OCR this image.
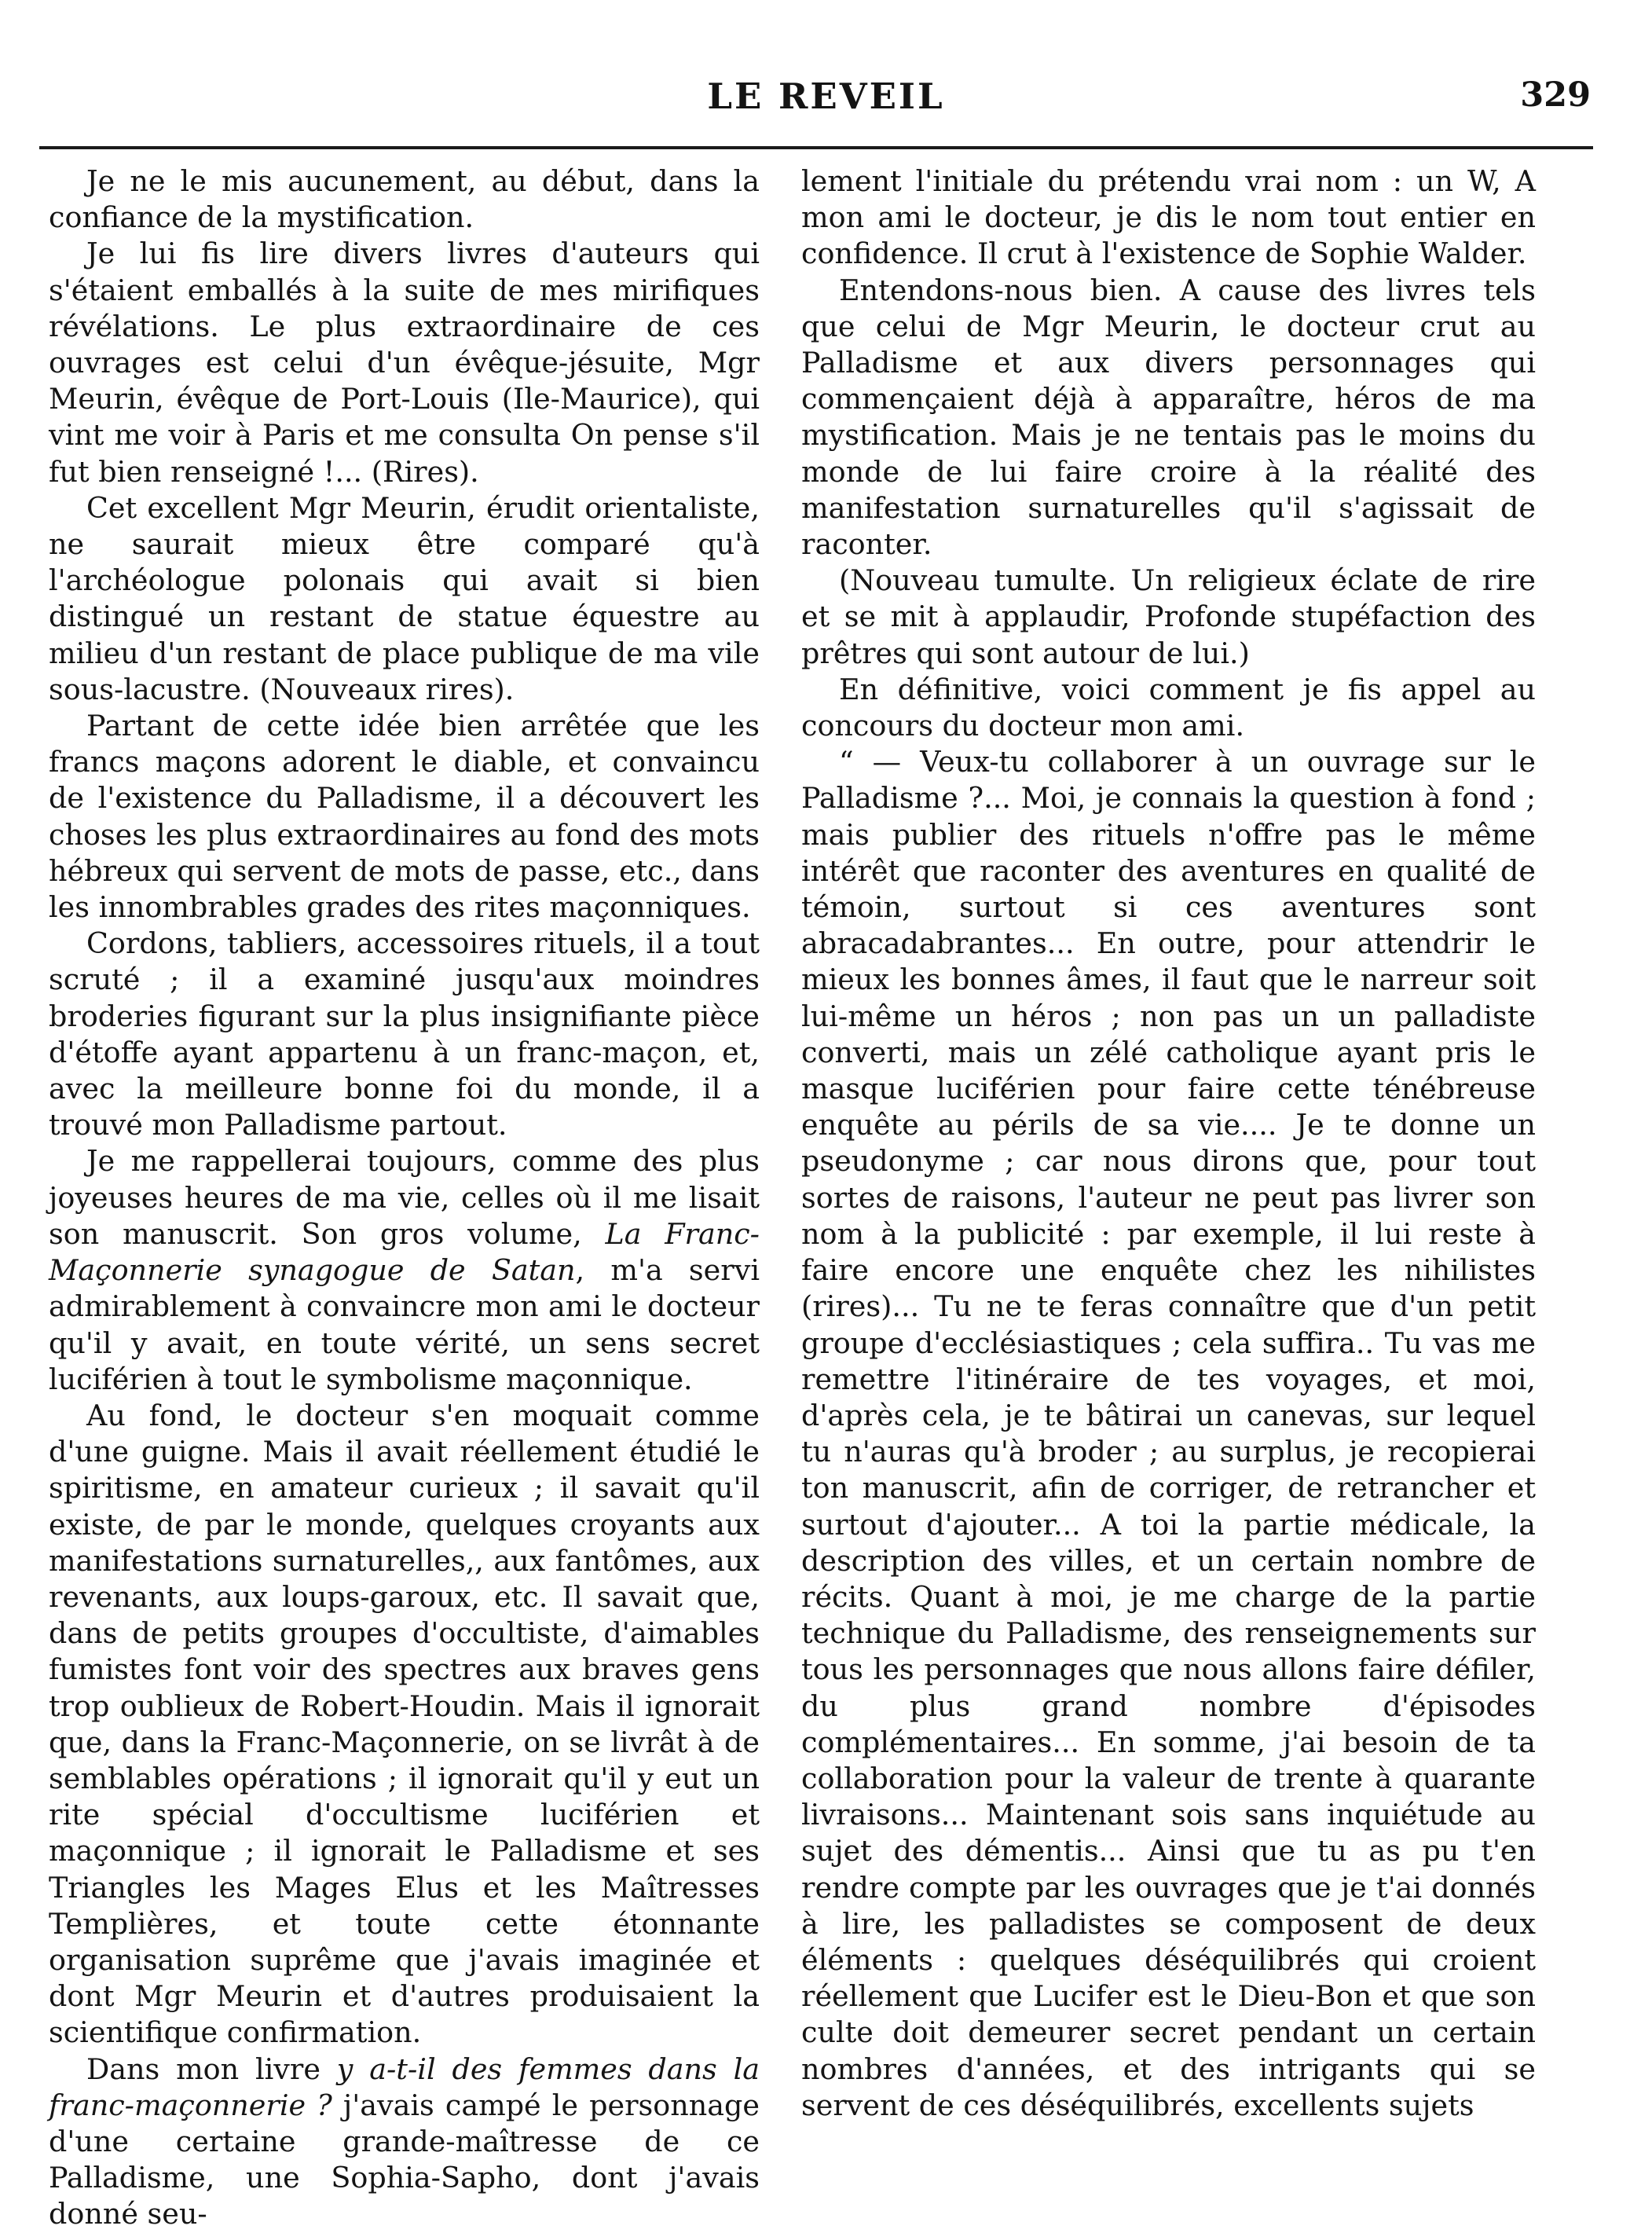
LE REVEIL	329

Je ne le mis aucunement, au début, dans la confiance de la mystification.

Je lui fis lire divers livres d'auteurs qui s'étaient emballés à la suite de mes mirifiques révélations. Le plus extraordinaire de ces ouvrages est celui d'un évêque-jésuite, Mgr Meurin, évêque de Port-Louis (Ile-Maurice), qui vint me voir à Paris et me consulta On pense s'il fut bien renseigné !... (Rires).

Cet excellent Mgr Meurin, érudit orientaliste, ne saurait mieux être comparé qu'à l'archéologue polonais qui avait si bien distingué un restant de statue équestre au milieu d'un restant de place publique de ma vile sous-lacustre. (Nouveaux rires).

Partant de cette idée bien arrêtée que les francs maçons adorent le diable, et convaincu de l'existence du Palladisme, il a découvert les choses les plus extraordinaires au fond des mots hébreux qui servent de mots de passe, etc., dans les innombrables grades des rites maçonniques.

Cordons, tabliers, accessoires rituels, il a tout scruté ; il a examiné jusqu'aux moindres broderies figurant sur la plus insignifiante pièce d'étoffe ayant appartenu à un franc-maçon, et, avec la meilleure bonne foi du monde, il a trouvé mon Palladisme partout.

Je me rappellerai toujours, comme des plus joyeuses heures de ma vie, celles où il me lisait son manuscrit. Son gros volume, La Franc-Maçonnerie synagogue de Satan, m'a servi admirablement à convaincre mon ami le docteur qu'il y avait, en toute vérité, un sens secret luciférien à tout le symbolisme maçonnique.

Au fond, le docteur s'en moquait comme d'une guigne. Mais il avait réellement étudié le spiritisme, en amateur curieux ; il savait qu'il existe, de par le monde, quelques croyants aux manifestations surnaturelles,, aux fantômes, aux revenants, aux loups-garoux, etc. Il savait que, dans de petits groupes d'occultiste, d'aimables fumistes font voir des spectres aux braves gens trop oublieux de Robert-Houdin. Mais il ignorait que, dans la Franc-Maçonnerie, on se livrât à de semblables opérations ; il ignorait qu'il y eut un rite spécial d'occultisme luciférien et maçonnique ; il ignorait le Palladisme et ses Triangles les Mages Elus et les Maîtresses Templières, et toute cette étonnante organisation suprême que j'avais imaginée et dont Mgr Meurin et d'autres produisaient la scientifique confirmation.

Dans mon livre y a-t-il des femmes dans la franc-maçonnerie ? j'avais campé le personnage d'une certaine grande-maîtresse de ce Palladisme, une Sophia-Sapho, dont j'avais donné seu-

lement l'initiale du prétendu vrai nom : un W, A mon ami le docteur, je dis le nom tout entier en confidence. Il crut à l'existence de Sophie Walder.

Entendons-nous bien. A cause des livres tels que celui de Mgr Meurin, le docteur crut au Palladisme et aux divers personnages qui commençaient déjà à apparaître, héros de ma mystification. Mais je ne tentais pas le moins du monde de lui faire croire à la réalité des manifestation surnaturelles qu'il s'agissait de raconter.

(Nouveau tumulte. Un religieux éclate de rire et se mit à applaudir, Profonde stupéfaction des prêtres qui sont autour de lui.)

En définitive, voici comment je fis appel au concours du docteur mon ami.

“ — Veux-tu collaborer à un ouvrage sur le Palladisme ?... Moi, je connais la question à fond ; mais publier des rituels n'offre pas le même intérêt que raconter des aventures en qualité de témoin, surtout si ces aventures sont abracadabrantes... En outre, pour attendrir le mieux les bonnes âmes, il faut que le narreur soit lui-même un héros ; non pas un un palladiste converti, mais un zélé catholique ayant pris le masque luciférien pour faire cette ténébreuse enquête au périls de sa vie.... Je te donne un pseudonyme ; car nous dirons que, pour tout sortes de raisons, l'auteur ne peut pas livrer son nom à la publicité : par exemple, il lui reste à faire encore une enquête chez les nihilistes (rires)... Tu ne te feras connaître que d'un petit groupe d'ecclésiastiques ; cela suffira.. Tu vas me remettre l'itinéraire de tes voyages, et moi, d'après cela, je te bâtirai un canevas, sur lequel tu n'auras qu'à broder ; au surplus, je recopierai ton manuscrit, afin de corriger, de retrancher et surtout d'ajouter... A toi la partie médicale, la description des villes, et un certain nombre de récits. Quant à moi, je me charge de la partie technique du Palladisme, des renseignements sur tous les personnages que nous allons faire défiler, du plus grand nombre d'épisodes complémentaires... En somme, j'ai besoin de ta collaboration pour la valeur de trente à quarante livraisons... Maintenant sois sans inquiétude au sujet des démentis... Ainsi que tu as pu t'en rendre compte par les ouvrages que je t'ai donnés à lire, les palladistes se composent de deux éléments : quelques déséquilibrés qui croient réellement que Lucifer est le Dieu-Bon et que son culte doit demeurer secret pendant un certain nombres d'années, et des intrigants qui se servent de ces déséquilibrés, excellents sujets
